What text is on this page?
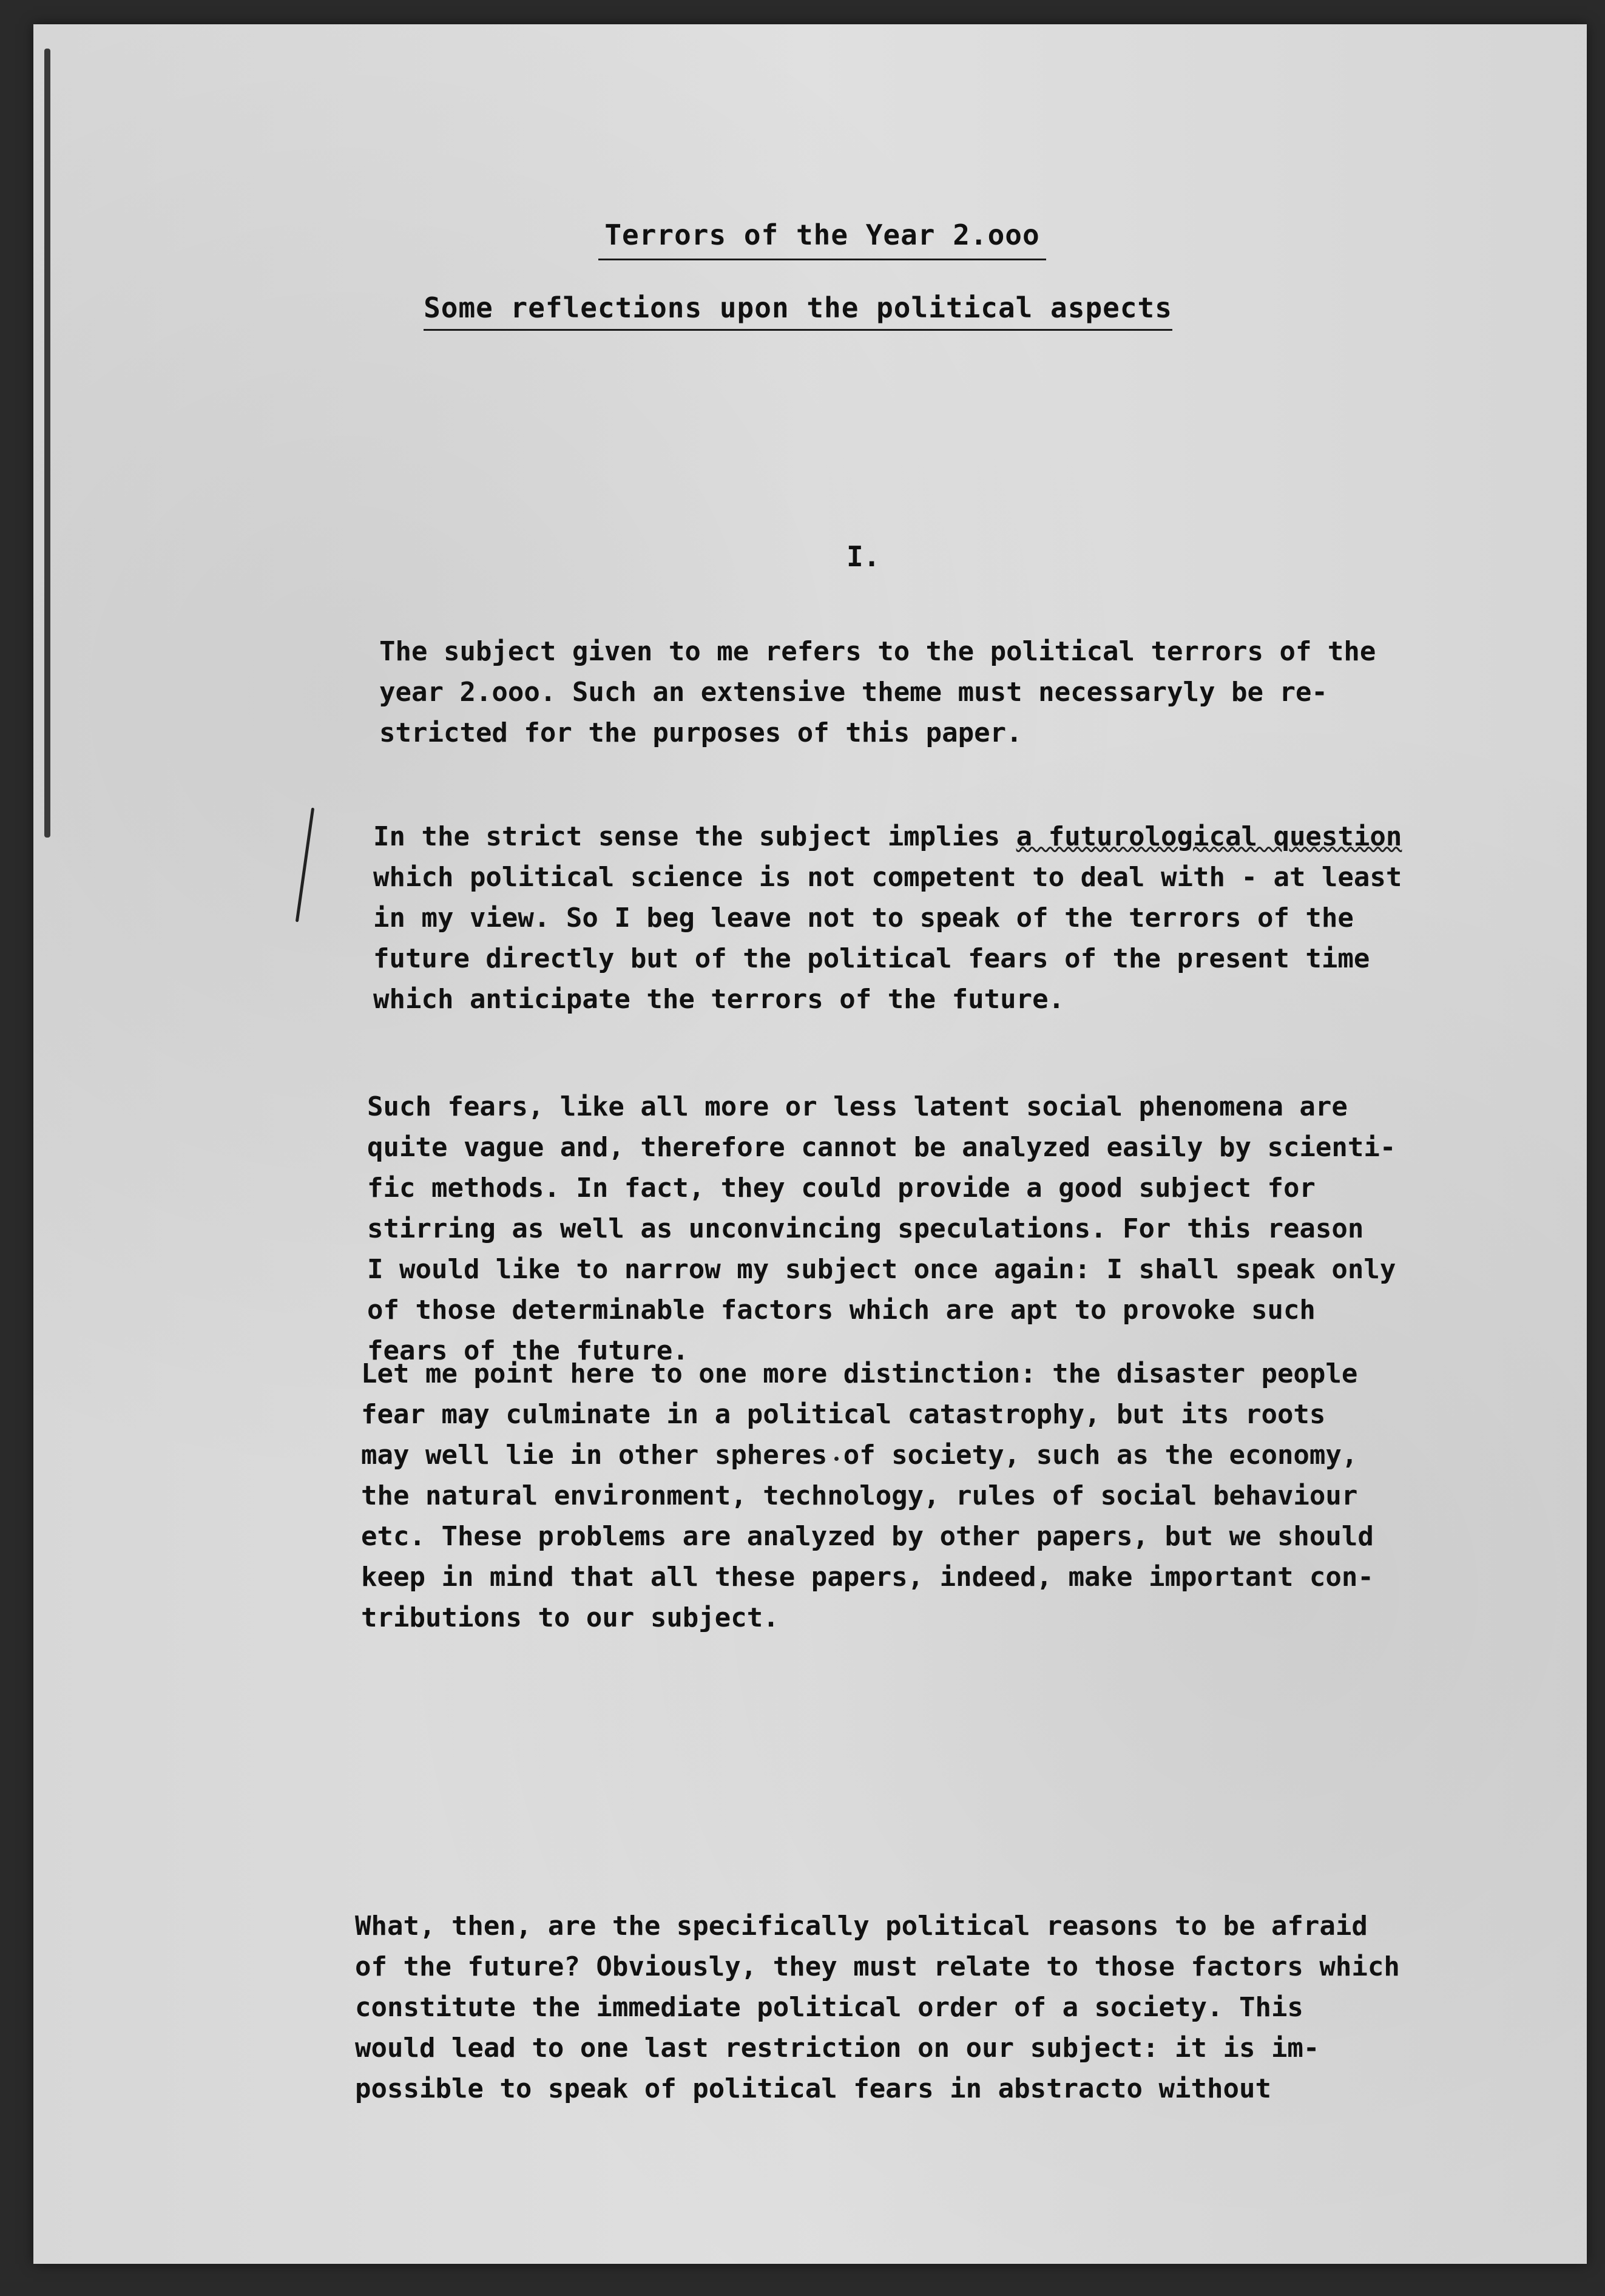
Terrors of the Year 2.ooo
Some reflections upon the political aspects
I.
The subject given to me refers to the political terrors of the
year 2.ooo. Such an extensive theme must necessaryly be re-
stricted for the purposes of this paper.
In the strict sense the subject implies a futurological question
which political science is not competent to deal with - at least
in my view. So I beg leave not to speak of the terrors of the
future directly but of the political fears of the present time
which anticipate the terrors of the future.
Such fears, like all more or less latent social phenomena are
quite vague and, therefore cannot be analyzed easily by scienti-
fic methods. In fact, they could provide a good subject for
stirring as well as unconvincing speculations. For this reason
I would like to narrow my subject once again: I shall speak only
of those determinable factors which are apt to provoke such
fears of the future.
Let me point here to one more distinction: the disaster people
fear may culminate in a political catastrophy, but its roots
may well lie in other spheres of society, such as the economy,
the natural environment, technology, rules of social behaviour
etc. These problems are analyzed by other papers, but we should
keep in mind that all these papers, indeed, make important con-
tributions to our subject.
What, then, are the specifically political reasons to be afraid
of the future? Obviously, they must relate to those factors which
constitute the immediate political order of a society. This
would lead to one last restriction on our subject: it is im-
possible to speak of political fears in abstracto without
